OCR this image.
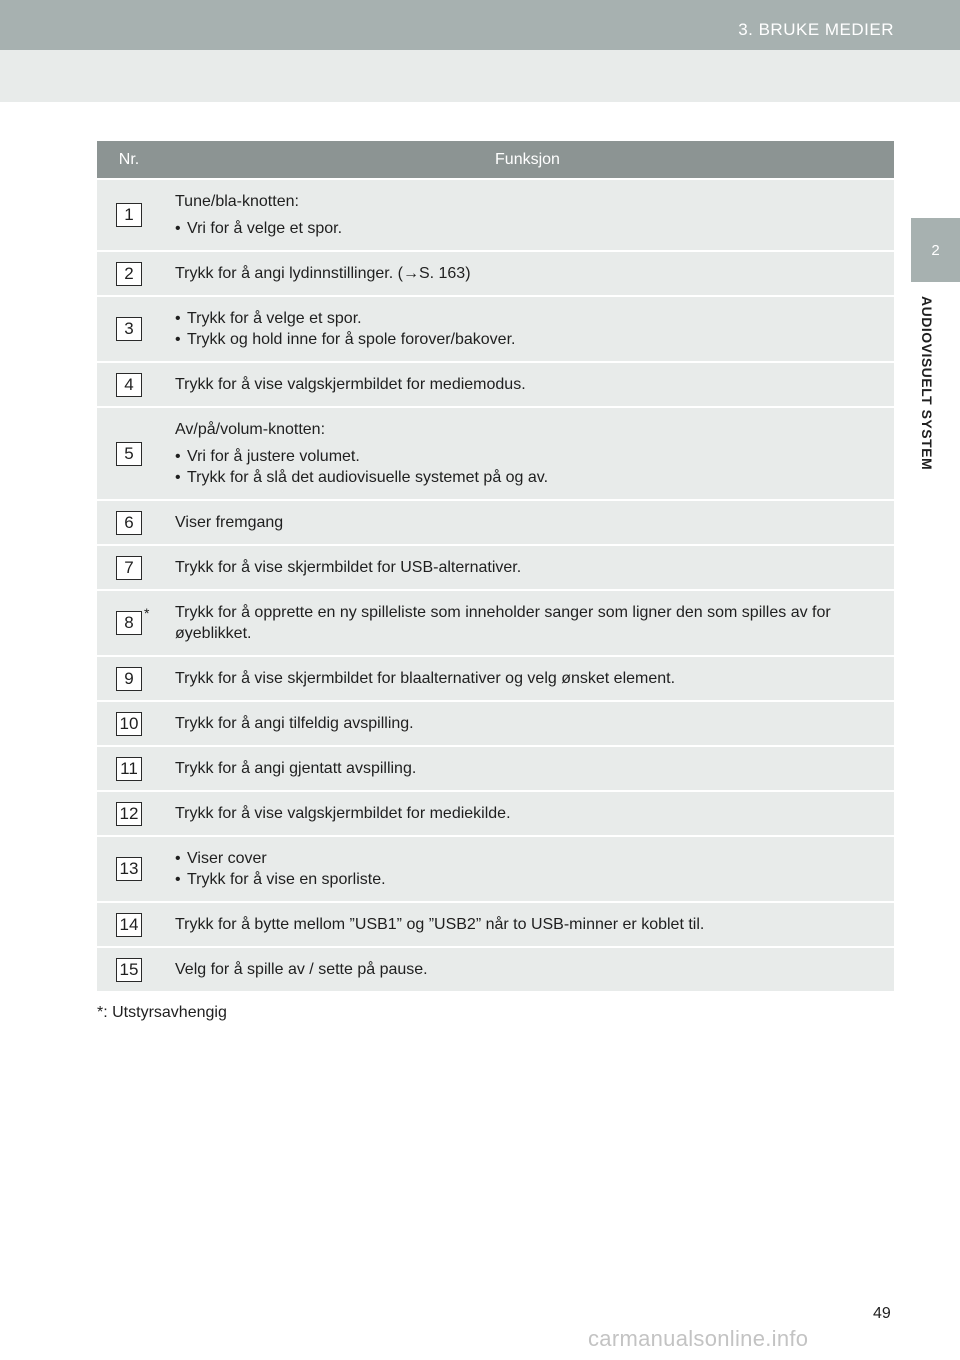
3. BRUKE MEDIER
2
AUDIOVISUELT SYSTEM
Nr.	Funksjon
1	Tune/bla-knotten:
• Vri for å velge et spor.

2	Trykk for å angi lydinnstillinger. (→S. 163)
3	• Trykk for å velge et spor.
• Trykk og hold inne for å spole forover/bakover.

4	Trykk for å vise valgskjermbildet for mediemodus.
5	Av/på/volum-knotten:
• Vri for å justere volumet.
• Trykk for å slå det audiovisuelle systemet på og av.

6	Viser fremgang
7	Trykk for å vise skjermbildet for USB-alternativer.
8 *	Trykk for å opprette en ny spilleliste som inneholder sanger som ligner den som spilles av for øyeblikket.
9	Trykk for å vise skjermbildet for blaalternativer og velg ønsket element.
10	Trykk for å angi tilfeldig avspilling.
11	Trykk for å angi gjentatt avspilling.
12	Trykk for å vise valgskjermbildet for mediekilde.
13	• Viser cover
• Trykk for å vise en sporliste.

14	Trykk for å bytte mellom ”USB1” og ”USB2” når to USB-minner er koblet til.
15	Velg for å spille av / sette på pause.
*: Utstyrsavhengig
49
carmanualsonline.info
